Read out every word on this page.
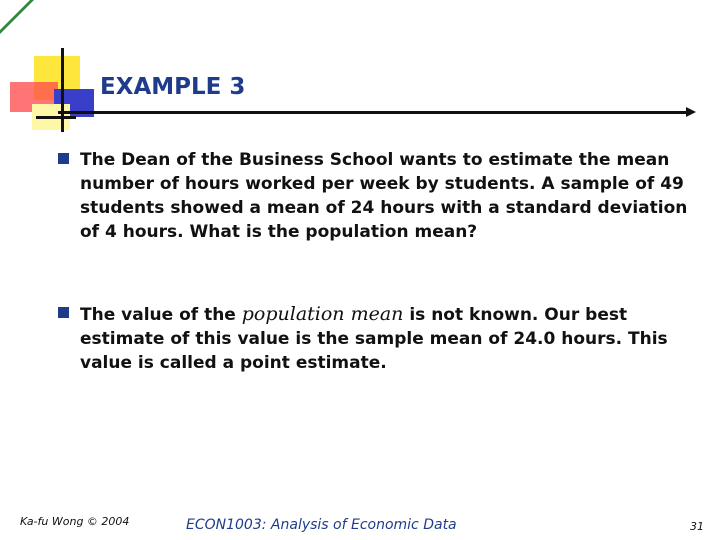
EXAMPLE 3
The Dean of the Business School wants to estimate the mean number of hours worked per week by students. A sample of 49 students showed a mean of 24 hours with a standard deviation of 4 hours. What is the population mean?
The value of the population mean is not known. Our best estimate of this value is the sample mean of 24.0 hours. This value is called a point estimate.
Ka-fu Wong © 2004	ECON1003: Analysis of Economic Data	31
